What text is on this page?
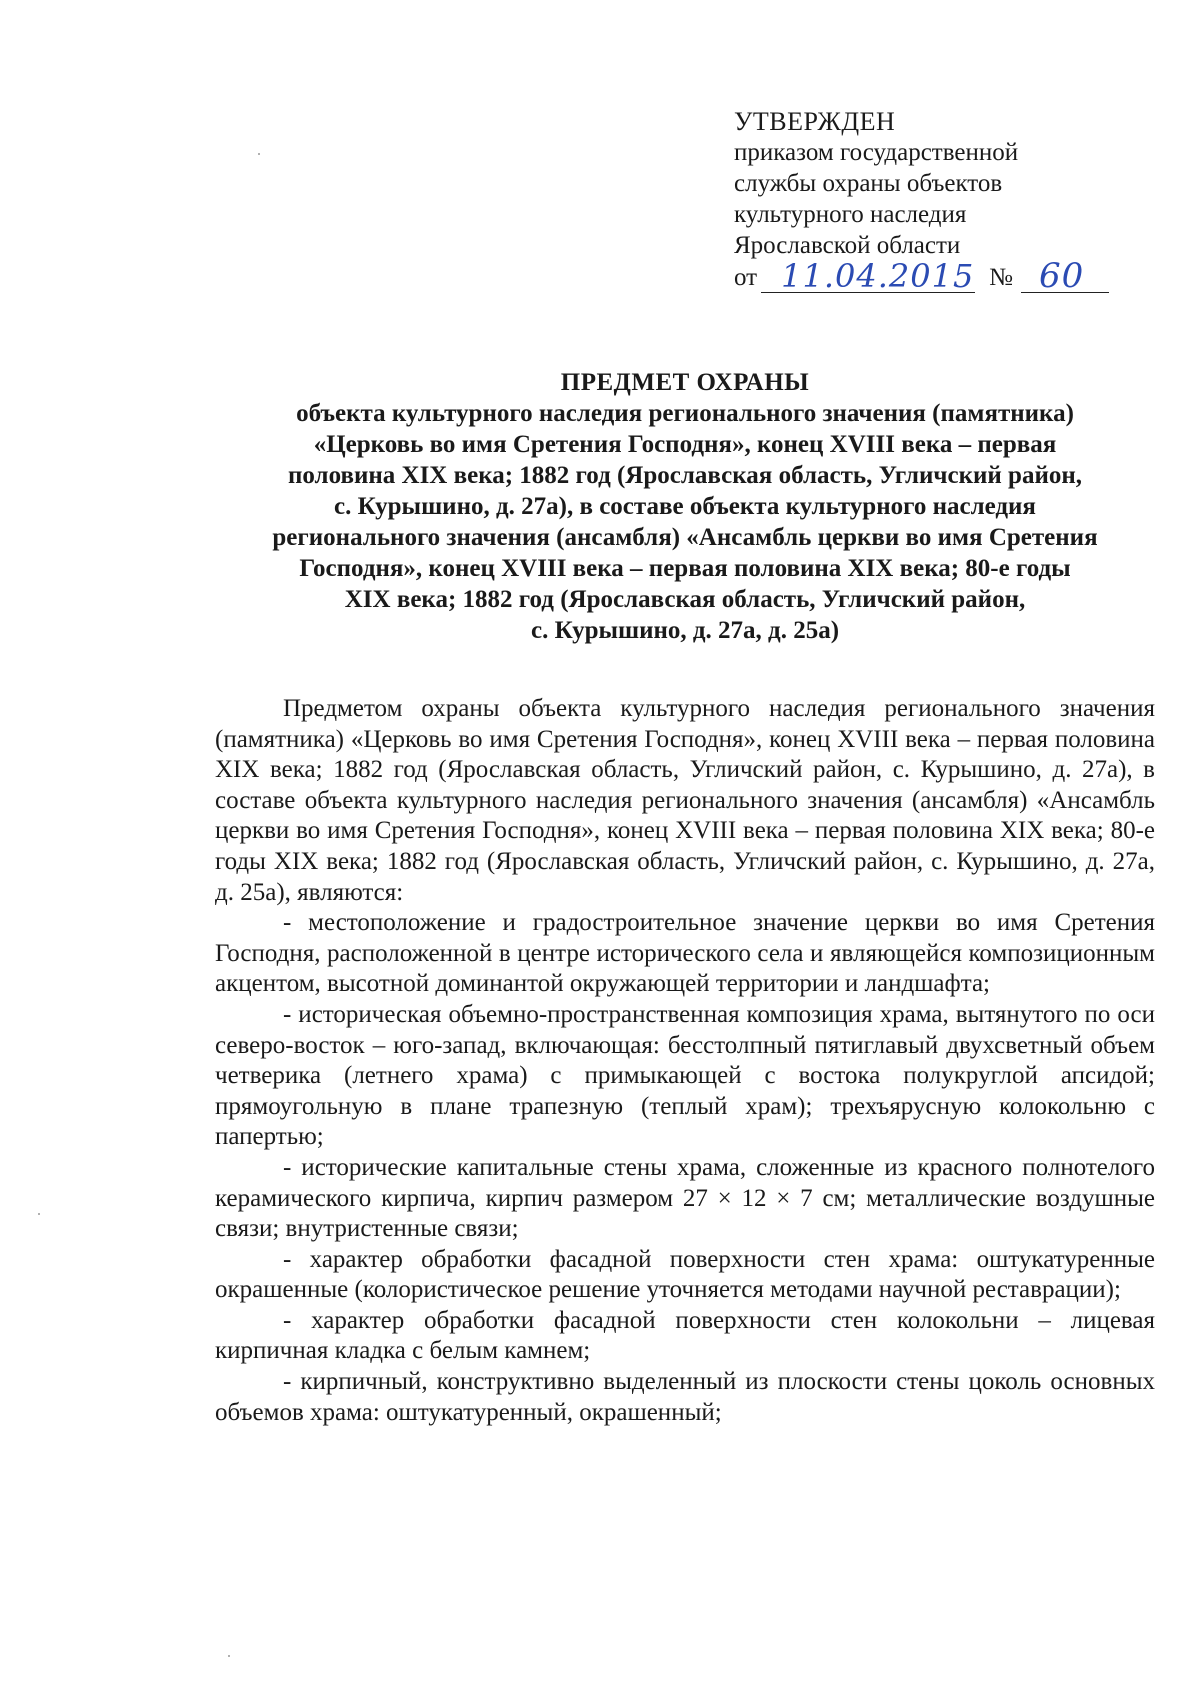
УТВЕРЖДЕН
приказом государственной
службы охраны объектов
культурного наследия
Ярославской области
от 11.04.2015 № 60
ПРЕДМЕТ ОХРАНЫ
объекта культурного наследия регионального значения (памятника)
«Церковь во имя Сретения Господня», конец XVIII века – первая
половина XIX века; 1882 год (Ярославская область, Угличский район,
с. Курышино, д. 27а), в составе объекта культурного наследия
регионального значения (ансамбля) «Ансамбль церкви во имя Сретения
Господня», конец XVIII века – первая половина XIX века; 80-е годы
XIX века; 1882 год (Ярославская область, Угличский район,
с. Курышино, д. 27а, д. 25а)

Предметом охраны объекта культурного наследия регионального значения (памятника) «Церковь во имя Сретения Господня», конец XVIII века – первая половина XIX века; 1882 год (Ярославская область, Угличский район, с. Курышино, д. 27а), в составе объекта культурного наследия регионального значения (ансамбля) «Ансамбль церкви во имя Сретения Господня», конец XVIII века – первая половина XIX века; 80-е годы XIX века; 1882 год (Ярославская область, Угличский район, с. Курышино, д. 27а, д. 25а), являются:

- местоположение и градостроительное значение церкви во имя Сретения Господня, расположенной в центре исторического села и являющейся композиционным акцентом, высотной доминантой окружающей территории и ландшафта;

- историческая объемно-пространственная композиция храма, вытянутого по оси северо-восток – юго-запад, включающая: бесстолпный пятиглавый двухсветный объем четверика (летнего храма) с примыкающей с востока полукруглой апсидой; прямоугольную в плане трапезную (теплый храм); трехъярусную колокольню с папертью;

- исторические капитальные стены храма, сложенные из красного полнотелого керамического кирпича, кирпич размером 27 × 12 × 7 см; металлические воздушные связи; внутристенные связи;

- характер обработки фасадной поверхности стен храма: оштукатуренные окрашенные (колористическое решение уточняется методами научной реставрации);

- характер обработки фасадной поверхности стен колокольни – лицевая кирпичная кладка с белым камнем;

- кирпичный, конструктивно выделенный из плоскости стены цоколь основных объемов храма: оштукатуренный, окрашенный;
